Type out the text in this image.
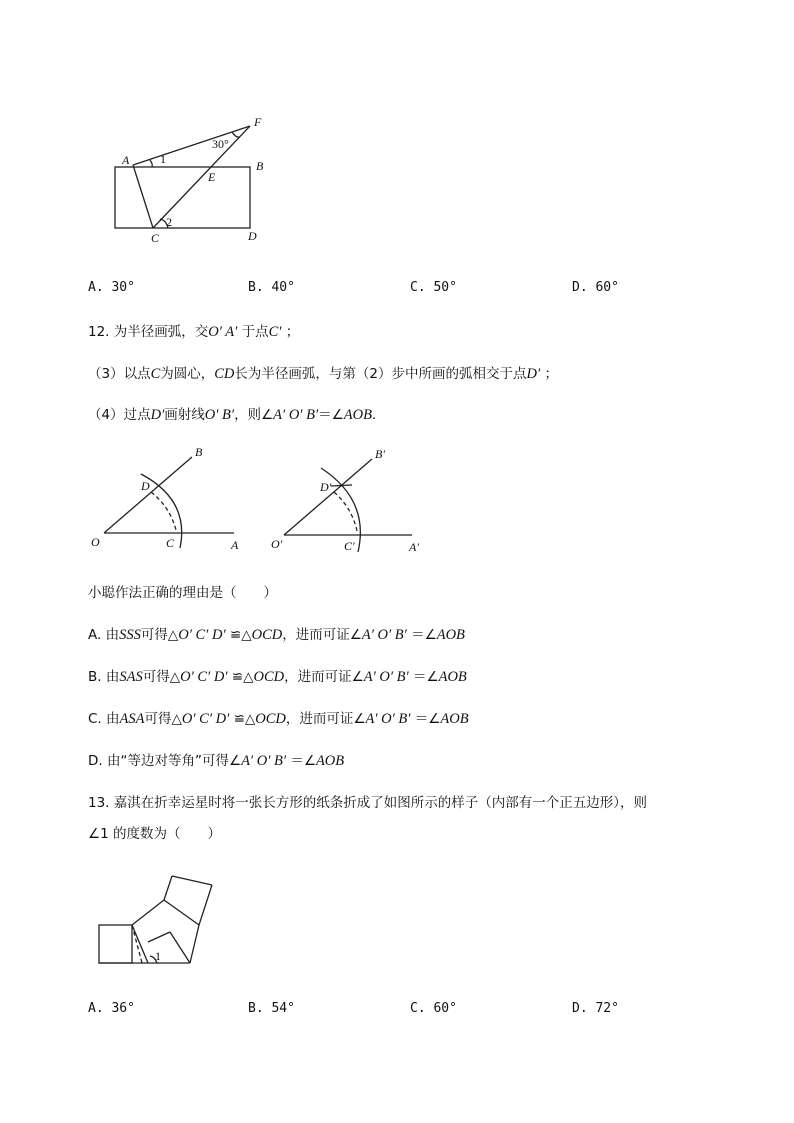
A	B
C	D
E
F
30°
1
2
A. 30°	B. 40°	C. 50°	D. 60°
12. 为半径画弧，交O′ A′ 于点C′ ；
（3）以点C为圆心，CD长为半径画弧，与第（2）步中所画的弧相交于点D′ ；
（4）过点D′画射线O′ B′，则∠A′ O′ B′＝∠AOB.
O	A
B
C
D
O′	A′
B′
C′
D′
小聪作法正确的理由是（　　）
A. 由SSS可得△O′ C′ D′ ≌△OCD，进而可证∠A′ O′ B′ ＝∠AOB
B. 由SAS可得△O′ C′ D′ ≌△OCD，进而可证∠A′ O′ B′ ＝∠AOB
C. 由ASA可得△O′ C′ D′ ≌△OCD，进而可证∠A′ O′ B′ ＝∠AOB
D. 由“等边对等角”可得∠A′ O′ B′ ＝∠AOB
13. 嘉淇在折幸运星时将一张长方形的纸条折成了如图所示的样子（内部有一个正五边形），则
∠1 的度数为（　　）
1
A. 36°	B. 54°	C. 60°	D. 72°
